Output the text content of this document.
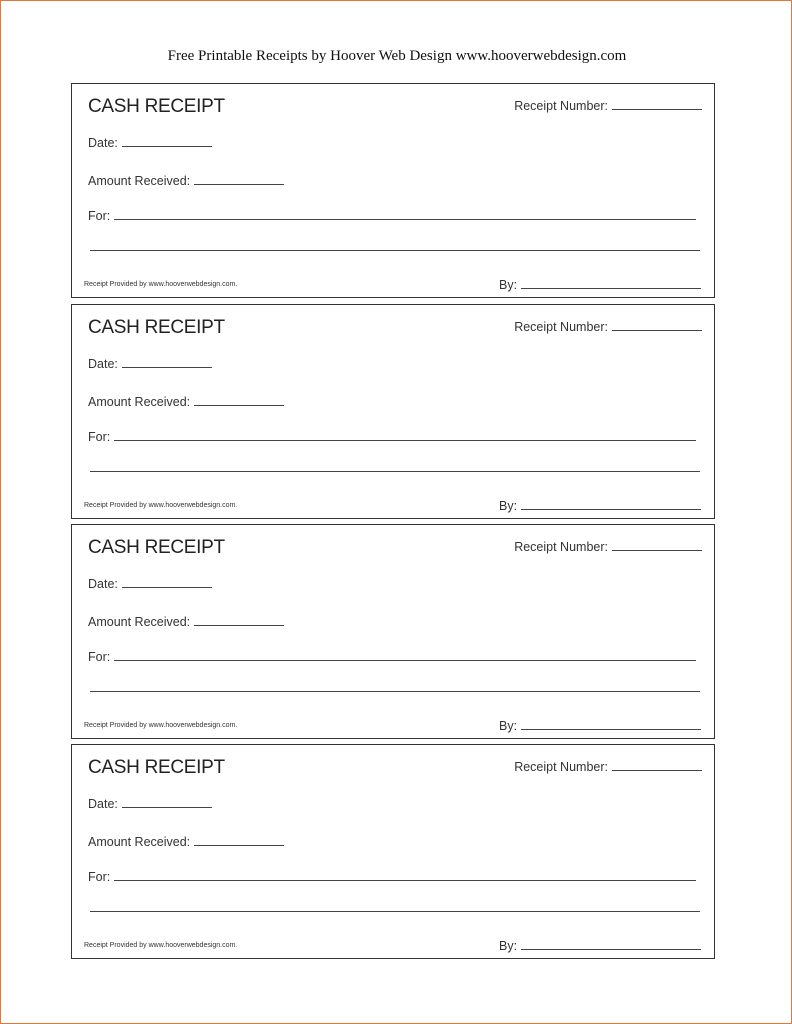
Free Printable Receipts by Hoover Web Design www.hooverwebdesign.com
CASH RECEIPT	Receipt Number:
Date:
Amount Received:
For:
Receipt Provided by www.hooverwebdesign.com.	By:
CASH RECEIPT	Receipt Number:
Date:
Amount Received:
For:
Receipt Provided by www.hooverwebdesign.com.	By:
CASH RECEIPT	Receipt Number:
Date:
Amount Received:
For:
Receipt Provided by www.hooverwebdesign.com.	By:
CASH RECEIPT	Receipt Number:
Date:
Amount Received:
For:
Receipt Provided by www.hooverwebdesign.com.	By:
